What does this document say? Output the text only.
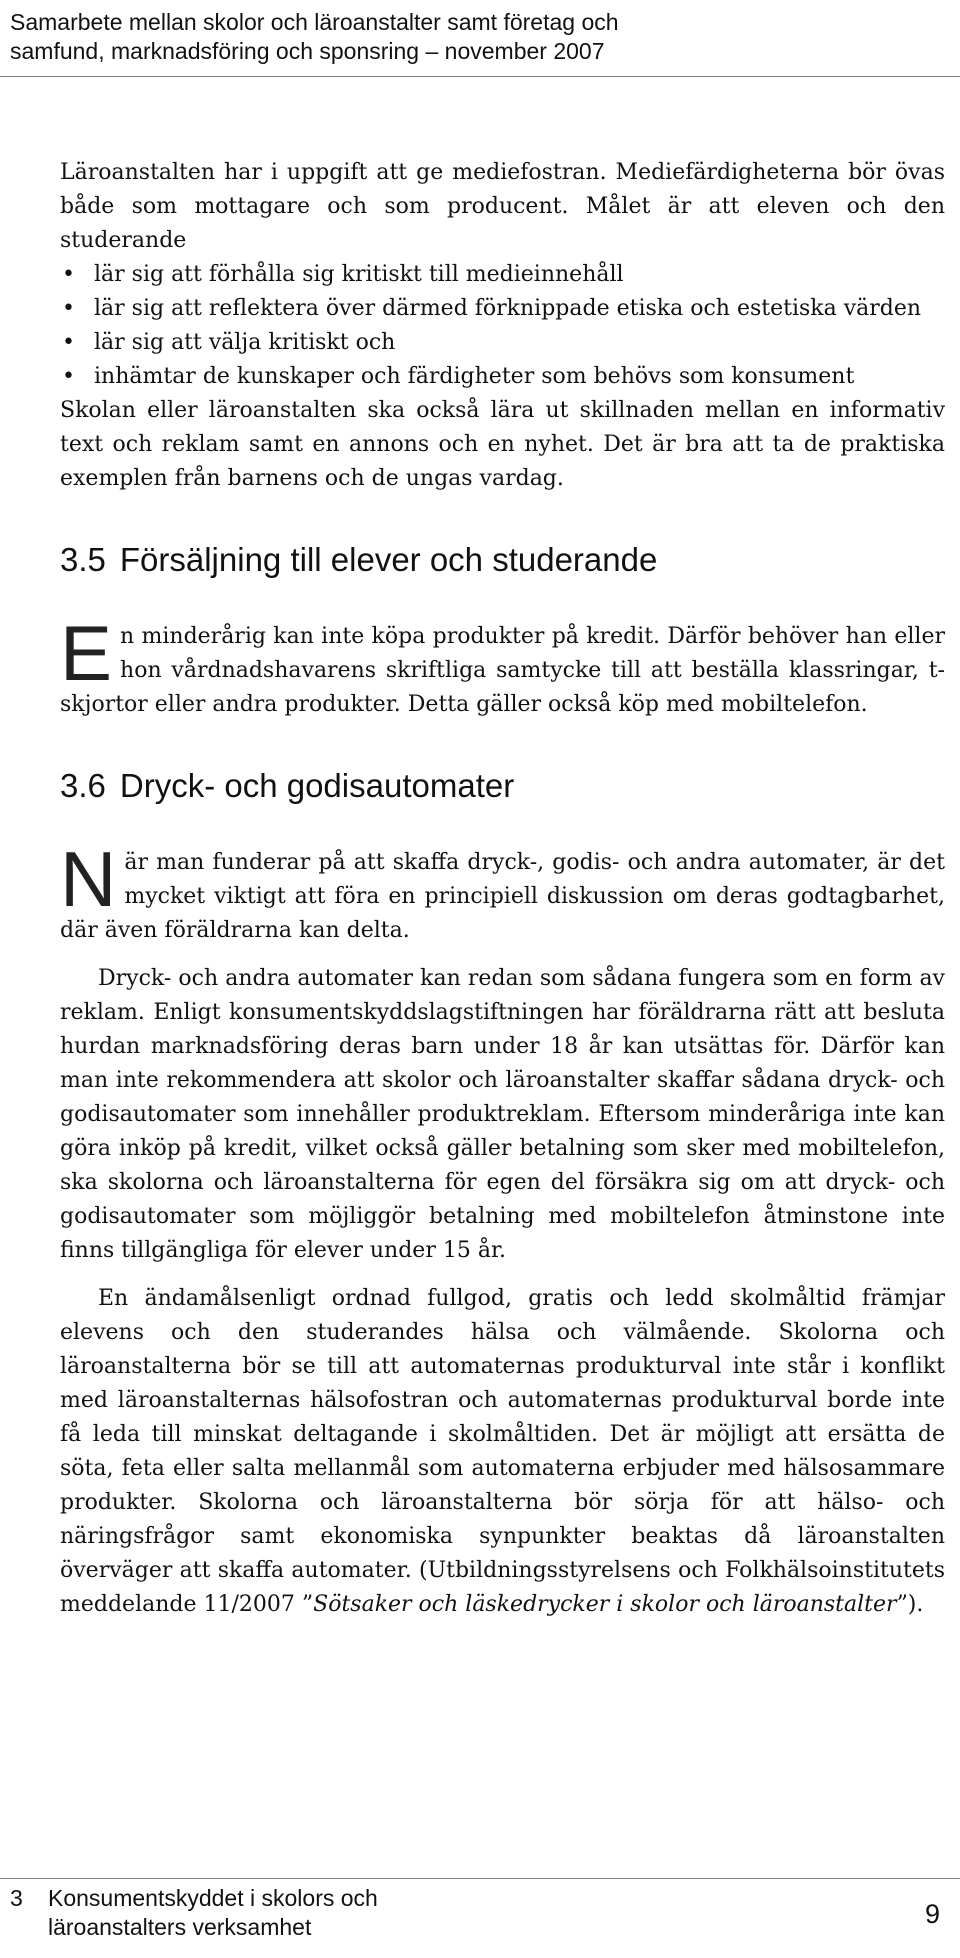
Samarbete mellan skolor och läroanstalter samt företag och
samfund, marknadsföring och sponsring – november 2007

Läroanstalten har i uppgift att ge mediefostran. Mediefärdigheterna bör övas både som mottagare och som producent. Målet är att eleven och den studerande

• lär sig att förhålla sig kritiskt till medieinnehåll
• lär sig att reflektera över därmed förknippade etiska och estetiska värden
• lär sig att välja kritiskt och
• inhämtar de kunskaper och färdigheter som behövs som konsument

Skolan eller läroanstalten ska också lära ut skillnaden mellan en informativ text och reklam samt en annons och en nyhet. Det är bra att ta de praktiska exemplen från barnens och de ungas vardag.

3.5 Försäljning till elever och studerande

En minderårig kan inte köpa produkter på kredit. Därför behöver han eller hon vårdnadshavarens skriftliga samtycke till att beställa klassringar, t-skjortor eller andra produkter. Detta gäller också köp med mobiltelefon.

3.6 Dryck- och godisautomater

När man funderar på att skaffa dryck-, godis- och andra automater, är det mycket viktigt att föra en principiell diskussion om deras godtagbarhet, där även föräldrarna kan delta.

Dryck- och andra automater kan redan som sådana fungera som en form av reklam. Enligt konsumentskyddslagstiftningen har föräldrarna rätt att besluta hurdan marknadsföring deras barn under 18 år kan utsättas för. Därför kan man inte rekommendera att skolor och läroanstalter skaffar sådana dryck- och godisautomater som innehåller produktreklam. Eftersom minderåriga inte kan göra inköp på kredit, vilket också gäller betalning som sker med mobiltelefon, ska skolorna och läroanstalterna för egen del försäkra sig om att dryck- och godisautomater som möjliggör betalning med mobiltelefon åtminstone inte finns tillgängliga för elever under 15 år.

En ändamålsenligt ordnad fullgod, gratis och ledd skolmåltid främjar elevens och den studerandes hälsa och välmående. Skolorna och läroanstalterna bör se till att automaternas produkturval inte står i konflikt med läroanstalternas hälsofostran och automaternas produkturval borde inte få leda till minskat deltagande i skolmåltiden. Det är möjligt att ersätta de söta, feta eller salta mellanmål som automaterna erbjuder med hälsosammare produkter. Skolorna och läroanstalterna bör sörja för att hälso- och näringsfrågor samt ekonomiska synpunkter beaktas då läroanstalten överväger att skaffa automater. (Utbildningsstyrelsens och Folkhälsoinstitutets meddelande 11/2007 ”Sötsaker och läskedrycker i skolor och läroanstalter”).

3 Konsumentskyddet i skolors och
läroanstalters verksamhet	9
